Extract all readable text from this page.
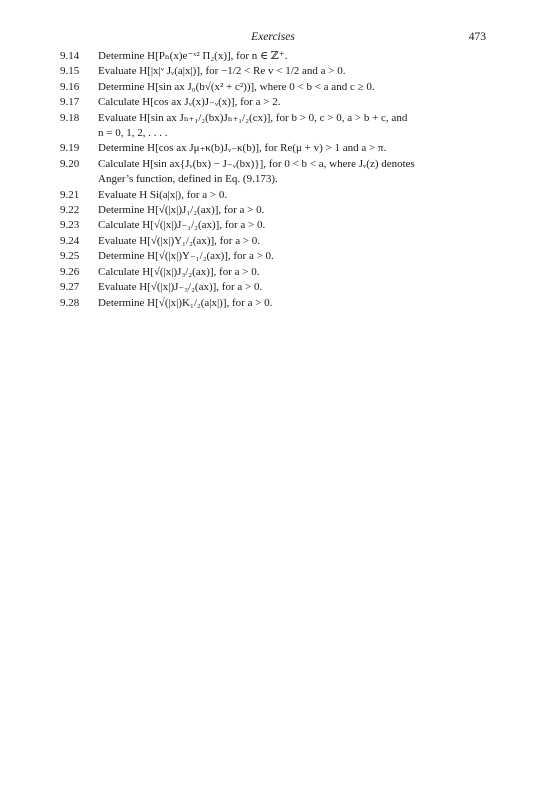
Exercises	473
9.14	Determine H[Pₙ(x)e⁻ˣ² Π₂(x)], for n ∈ ℤ⁺.
9.15	Evaluate H[|x|ᵛ Jᵥ(a|x|)], for −1/2 < Re v < 1/2 and a > 0.
9.16	Determine H[sin ax J₀(b√(x² + c²))], where 0 < b < a and c ≥ 0.
9.17	Calculate H[cos ax Jᵥ(x)J₋ᵥ(x)], for a > 2.
9.18	Evaluate H[sin ax Jₙ₊₁/₂(bx)Jₙ₊₁/₂(cx)], for b > 0, c > 0, a > b + c, and
n = 0, 1, 2, . . . .
9.19	Determine H[cos ax Jμ₊κ(b)Jᵥ₋κ(b)], for Re(μ + v) > 1 and a > π.
9.20	Calculate H[sin ax{Jᵥ(bx) − J₋ᵥ(bx)}], for 0 < b < a, where Jᵥ(z) denotes
Anger’s function, defined in Eq. (9.173).
9.21	Evaluate H Si(a|x|), for a > 0.
9.22	Determine H[√(|x|)J₁/₂(ax)], for a > 0.
9.23	Calculate H[√(|x|)J₋₁/₂(ax)], for a > 0.
9.24	Evaluate H[√(|x|)Y₁/₂(ax)], for a > 0.
9.25	Determine H[√(|x|)Y₋₁/₂(ax)], for a > 0.
9.26	Calculate H[√(|x|)J₃/₂(ax)], for a > 0.
9.27	Evaluate H[√(|x|)J₋₃/₂(ax)], for a > 0.
9.28	Determine H[√(|x|)K₁/₂(a|x|)], for a > 0.
